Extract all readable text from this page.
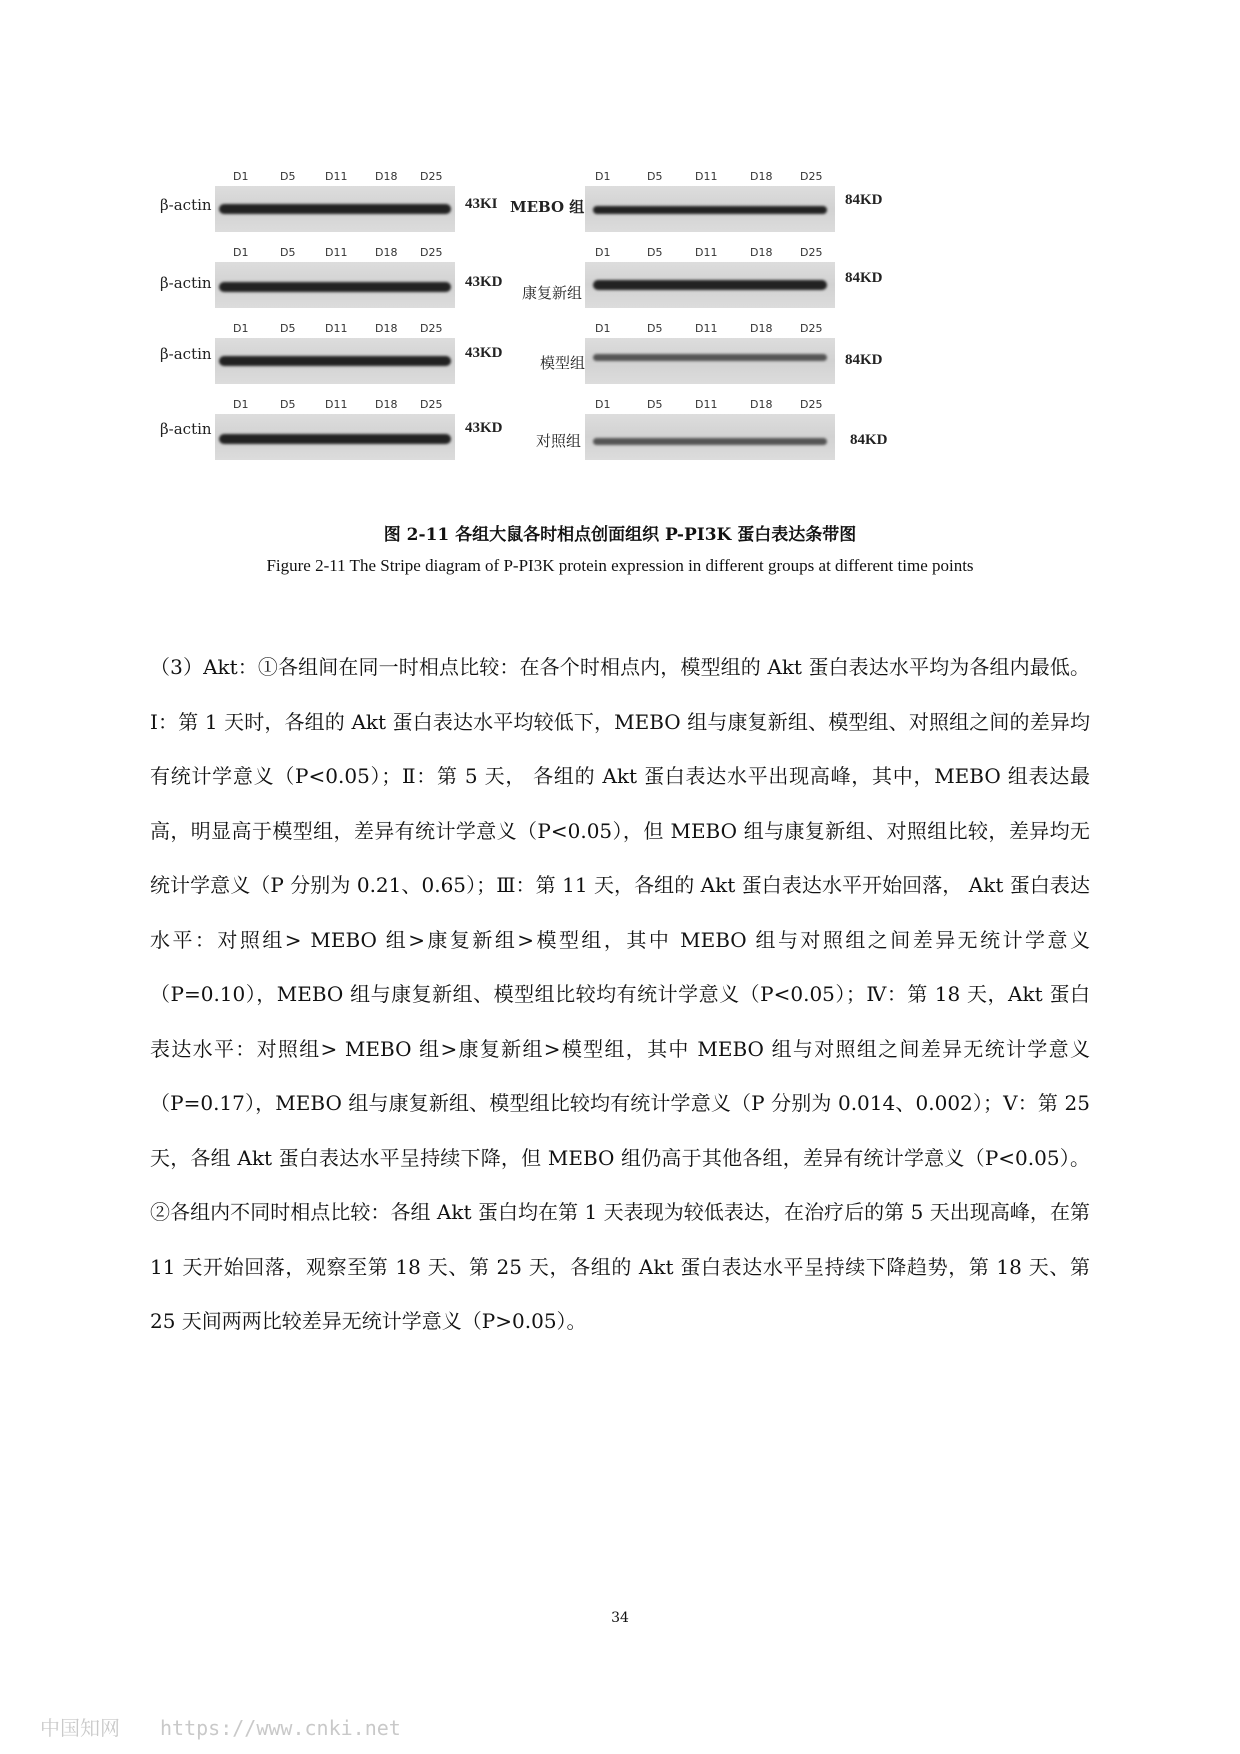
D1	D5	D11	D18 D25
β-actin	43KI
D1	D5	D11	D18 D25
β-actin	43KD
D1	D5	D11	D18 D25
β-actin	43KD
D1	D5	D11	D18 D25
β-actin	43KD
D1	D5	D11	D18	D25
MEBO 组	84KD
D1	D5	D11	D18	D25
康复新组
84KD
D1	D5	D11	D18	D25
模型组	84KD
D1	D5	D11	D18	D25
对照组	84KD
图 2-11 各组大鼠各时相点创面组织 P-PI3K 蛋白表达条带图
Figure 2-11 The Stripe diagram of P-PI3K protein expression in different groups at different time points
（3）Akt：①各组间在同一时相点比较：在各个时相点内，模型组的 Akt 蛋白表达水平均为各组内最低。Ⅰ：第 1 天时，各组的 Akt 蛋白表达水平均较低下，MEBO 组与康复新组、模型组、对照组之间的差异均有统计学意义（P<0.05）；Ⅱ：第 5 天， 各组的 Akt 蛋白表达水平出现高峰，其中，MEBO 组表达最高，明显高于模型组，差异有统计学意义（P<0.05），但 MEBO 组与康复新组、对照组比较，差异均无统计学意义（P 分别为 0.21、0.65）；Ⅲ：第 11 天，各组的 Akt 蛋白表达水平开始回落， Akt 蛋白表达水平：对照组> MEBO 组>康复新组>模型组，其中 MEBO 组与对照组之间差异无统计学意义（P=0.10），MEBO 组与康复新组、模型组比较均有统计学意义（P<0.05）；Ⅳ：第 18 天，Akt 蛋白表达水平：对照组> MEBO 组>康复新组>模型组，其中 MEBO 组与对照组之间差异无统计学意义（P=0.17），MEBO 组与康复新组、模型组比较均有统计学意义（P 分别为 0.014、0.002）；Ⅴ：第 25 天，各组 Akt 蛋白表达水平呈持续下降，但 MEBO 组仍高于其他各组，差异有统计学意义（P<0.05）。 ②各组内不同时相点比较：各组 Akt 蛋白均在第 1 天表现为较低表达，在治疗后的第 5 天出现高峰，在第 11 天开始回落，观察至第 18 天、第 25 天，各组的 Akt 蛋白表达水平呈持续下降趋势，第 18 天、第 25 天间两两比较差异无统计学意义（P>0.05）。
34
中国知网 https://www.cnki.net
